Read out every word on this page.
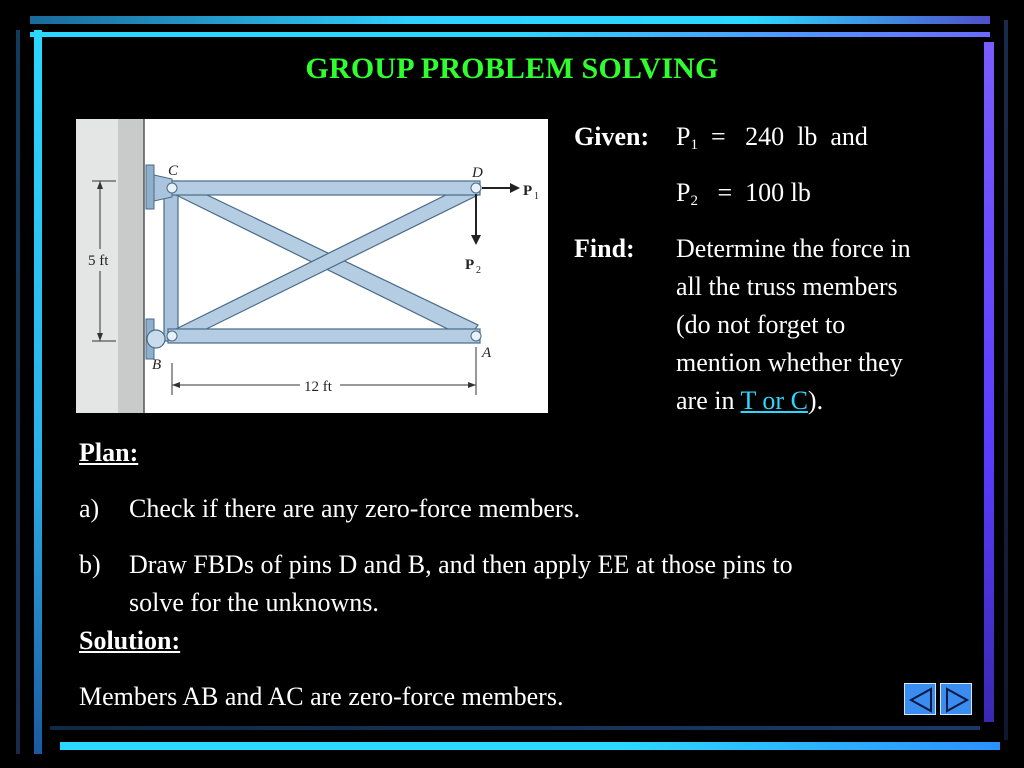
GROUP PROBLEM SOLVING
5 ft
12 ft
C	D
B
A
P 1
P 2
Given: $P_1 = 240$  lb  and
$P_2 = 100$ lb
Find: Determine the force in
all the truss members
(do not forget to
mention whether they
are in T or C).
Plan:
a) Check if there are any zero-force members.
b) Draw FBDs of pins D and B, and then apply EE at those pins to
solve for the unknowns.
Solution:
Members AB and AC are zero-force members.
